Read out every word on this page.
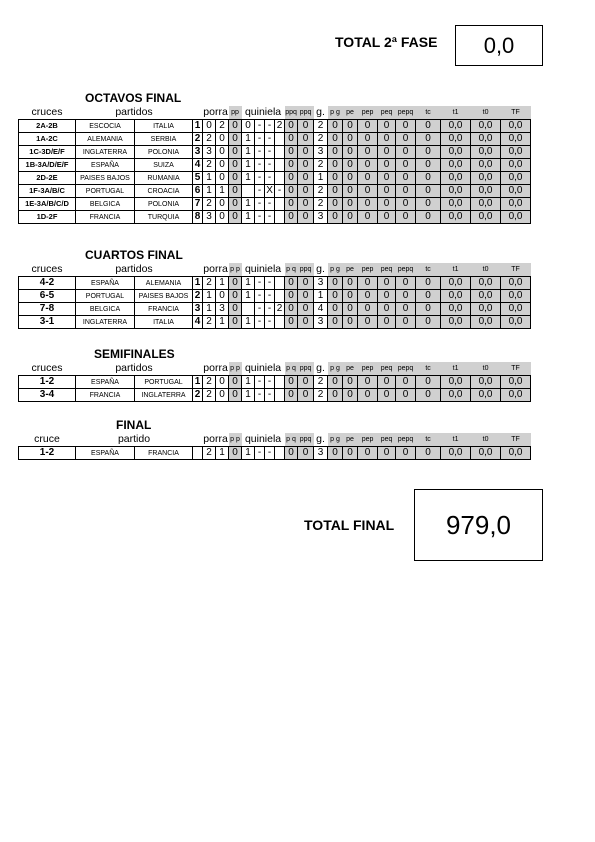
TOTAL 2ª FASE	0,0
OCTAVOS FINAL
cruces	partidos			porra		pp	quiniela				ppq	ppq	g.	p g	pe	pep	peq	pepq	tc	t1	t0	TF
2A-2B	ESCOCIA	ITALIA	1	0	2	0	0	-	-	2	0	0	2	0	0	0	0	0	0	0,0	0,0	0,0
1A-2C	ALEMANIA	SERBIA	2	2	0	0	1	-	-		0	0	2	0	0	0	0	0	0	0,0	0,0	0,0
1C-3D/E/F	INGLATERRA	POLONIA	3	3	0	0	1	-	-		0	0	3	0	0	0	0	0	0	0,0	0,0	0,0
1B-3A/D/E/F	ESPAÑA	SUIZA	4	2	0	0	1	-	-		0	0	2	0	0	0	0	0	0	0,0	0,0	0,0
2D-2E	PAISES BAJOS	RUMANIA	5	1	0	0	1	-	-		0	0	1	0	0	0	0	0	0	0,0	0,0	0,0
1F-3A/B/C	PORTUGAL	CROACIA	6	1	1	0		-	X	-	0	0	2	0	0	0	0	0	0	0,0	0,0	0,0
1E-3A/B/C/D	BELGICA	POLONIA	7	2	0	0	1	-	-		0	0	2	0	0	0	0	0	0	0,0	0,0	0,0
1D-2F	FRANCIA	TURQUIA	8	3	0	0	1	-	-		0	0	3	0	0	0	0	0	0	0,0	0,0	0,0
CUARTOS FINAL
cruces	partidos			porra		p p	quiniela				p q	ppq	g.	p g	pe	pep	peq	pepq	tc	t1	t0	TF
4-2	ESPAÑA	ALEMANIA	1	2	1	0	1	-	-		0	0	3	0	0	0	0	0	0	0,0	0,0	0,0
6-5	PORTUGAL	PAISES BAJOS	2	1	0	0	1	-	-		0	0	1	0	0	0	0	0	0	0,0	0,0	0,0
7-8	BELGICA	FRANCIA	3	1	3	0		-	-	2	0	0	4	0	0	0	0	0	0	0,0	0,0	0,0
3-1	INGLATERRA	ITALIA	4	2	1	0	1	-	-		0	0	3	0	0	0	0	0	0	0,0	0,0	0,0
SEMIFINALES
cruces	partidos			porra		p p	quiniela				p q	ppq	g.	p g	pe	pep	peq	pepq	tc	t1	t0	TF
1-2	ESPAÑA	PORTUGAL	1	2	0	0	1	-	-		0	0	2	0	0	0	0	0	0	0,0	0,0	0,0
3-4	FRANCIA	INGLATERRA	2	2	0	0	1	-	-		0	0	2	0	0	0	0	0	0	0,0	0,0	0,0
FINAL
cruce	partido			porra		p p	quiniela				p q	ppq	g.	p g	pe	pep	peq	pepq	tc	t1	t0	TF
1-2	ESPAÑA	FRANCIA		2	1	0	1	-	-		0	0	3	0	0	0	0	0	0	0,0	0,0	0,0
TOTAL FINAL	979,0
